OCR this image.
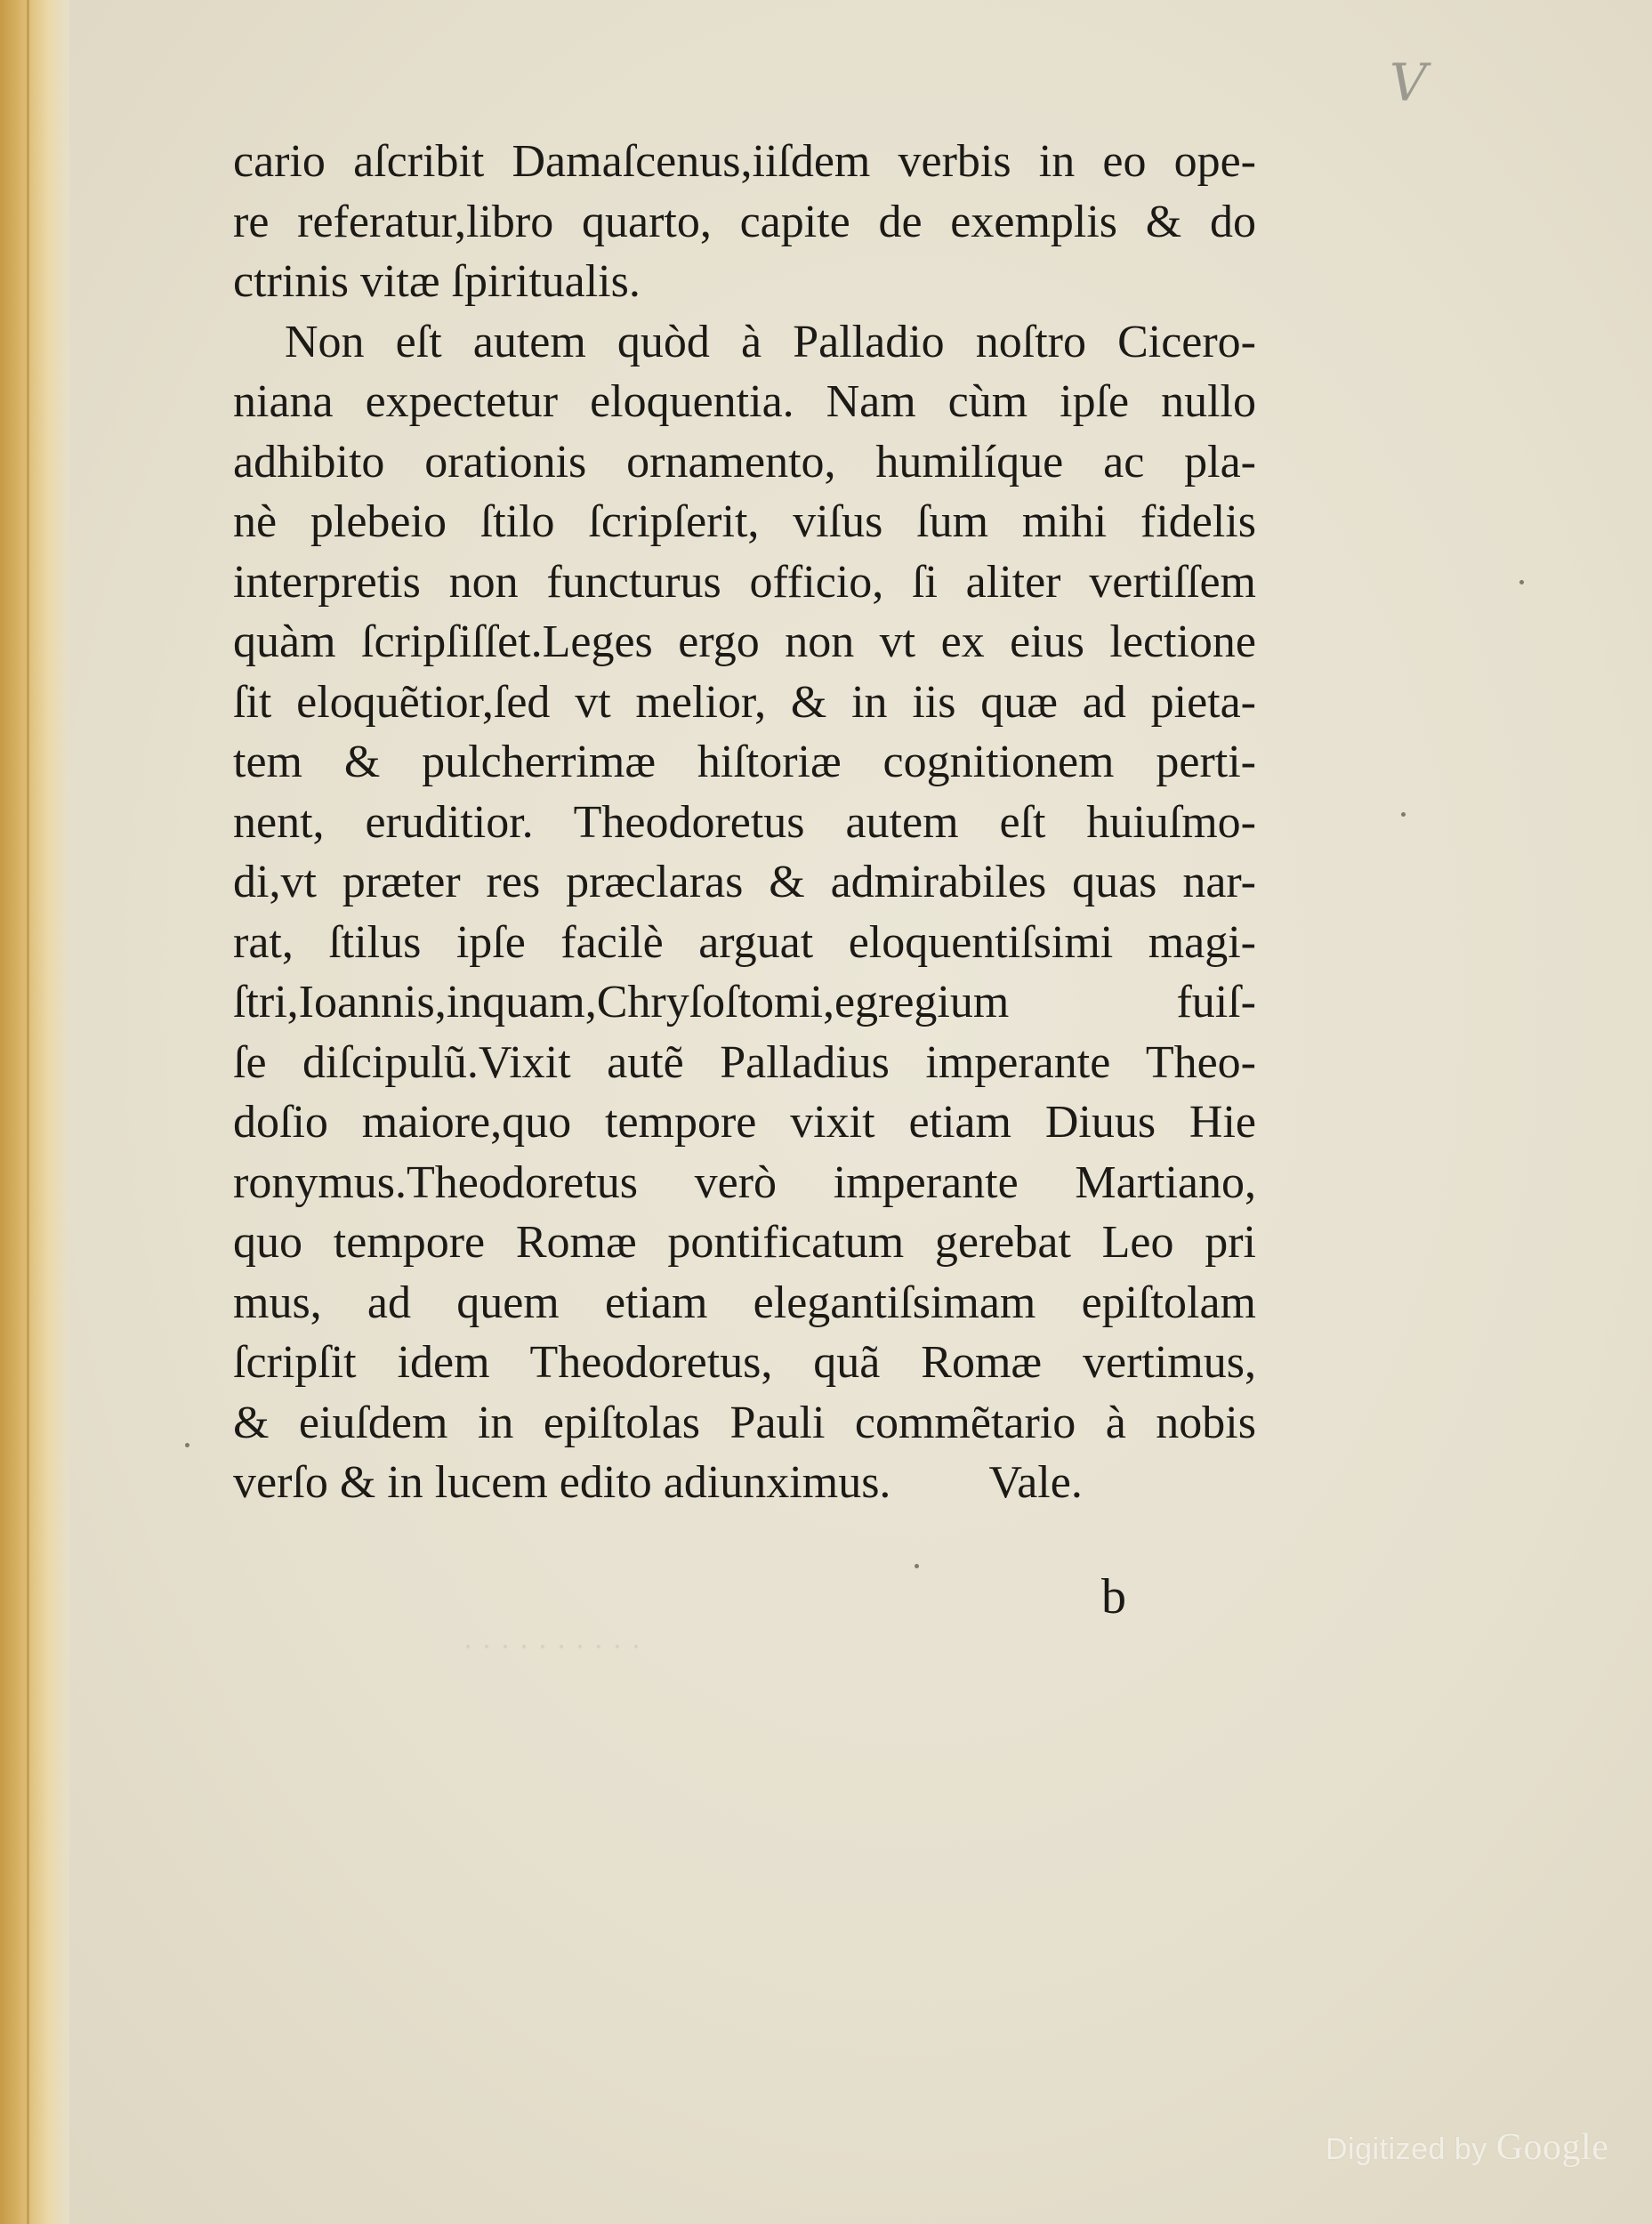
V
· · · · · · · · · ·
cario aſcribit Damaſcenus,iiſdem verbis in eo ope-
re referatur,libro quarto, capite de exemplis & do
ctrinis vitæ ſpiritualis.
Non eſt autem quòd à Palladio noſtro Cicero-
niana expectetur eloquentia. Nam cùm ipſe nullo
adhibito orationis ornamento, humilíque ac pla-
nè plebeio ſtilo ſcripſerit, viſus ſum mihi fidelis
interpretis non functurus officio, ſi aliter vertiſſem
quàm ſcripſiſſet.Leges ergo non vt ex eius lectione
ſit eloquẽtior,ſed vt melior, & in iis quæ ad pieta-
tem & pulcherrimæ hiſtoriæ cognitionem perti-
nent, eruditior. Theodoretus autem eſt huiuſmo-
di,vt præter res præclaras & admirabiles quas nar-
rat, ſtilus ipſe facilè arguat eloquentiſsimi magi-
ſtri,Ioannis,inquam,Chryſoſtomi,egregium fuiſ-
ſe diſcipulũ.Vixit autẽ Palladius imperante Theo-
doſio maiore,quo tempore vixit etiam Diuus Hie
ronymus.Theodoretus verò imperante Martiano,
quo tempore Romæ pontificatum gerebat Leo pri
mus, ad quem etiam elegantiſsimam epiſtolam
ſcripſit idem Theodoretus, quã Romæ vertimus,
& eiuſdem in epiſtolas Pauli commẽtario à nobis
verſo & in lucem edito adiunximus. Vale.
b
Digitized by Google
